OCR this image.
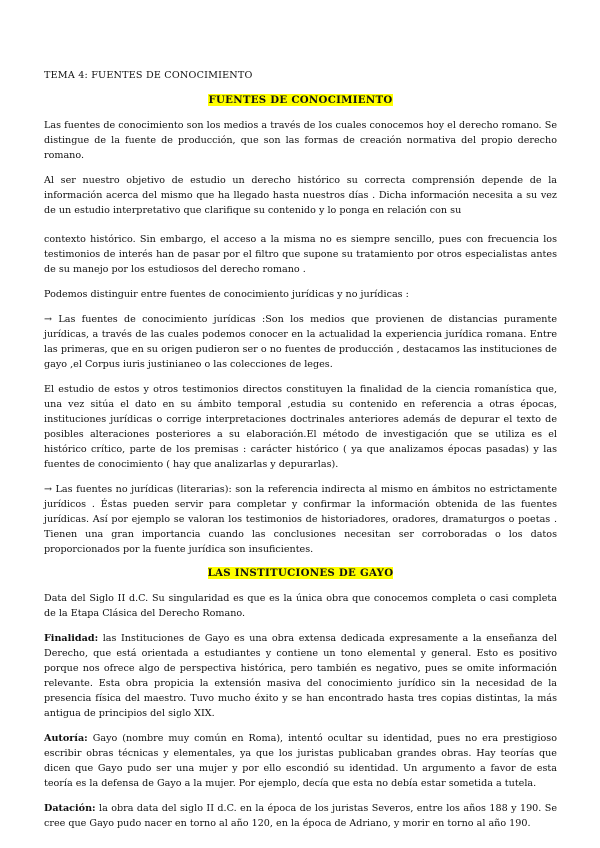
TEMA 4: FUENTES DE CONOCIMIENTO
FUENTES DE CONOCIMIENTO

Las fuentes de conocimiento son los medios a través de los cuales conocemos hoy el derecho romano. Se distingue de la fuente de producción, que son las formas de creación normativa del propio derecho romano.

Al ser nuestro objetivo de estudio un derecho histórico su correcta comprensión depende de la información acerca del mismo que ha llegado hasta nuestros días . Dicha información necesita a su vez de un estudio interpretativo que clarifique su contenido y lo ponga en relación con su

contexto histórico. Sin embargo, el acceso a la misma no es siempre sencillo, pues con frecuencia los testimonios de interés han de pasar por el filtro que supone su tratamiento por otros especialistas antes de su manejo por los estudiosos del derecho romano .

Podemos distinguir entre fuentes de conocimiento jurídicas y no jurídicas :

→ Las fuentes de conocimiento jurídicas :Son los medios que provienen de distancias puramente jurídicas, a través de las cuales podemos conocer en la actualidad la experiencia jurídica romana. Entre las primeras, que en su origen pudieron ser o no fuentes de producción , destacamos las instituciones de gayo ,el Corpus iuris justinianeo o las colecciones de leges.

El estudio de estos y otros testimonios directos constituyen la finalidad de la ciencia romanística que, una vez sitúa el dato en su ámbito temporal ,estudia su contenido en referencia a otras épocas, instituciones jurídicas o corrige interpretaciones doctrinales anteriores además de depurar el texto de posibles alteraciones posteriores a su elaboración.El método de investigación que se utiliza es el histórico crítico, parte de los premisas : carácter histórico ( ya que analizamos épocas pasadas) y las fuentes de conocimiento ( hay que analizarlas y depurarlas).

→ Las fuentes no jurídicas (literarias): son la referencia indirecta al mismo en ámbitos no estrictamente jurídicos . Éstas pueden servir para completar y confirmar la información obtenida de las fuentes jurídicas. Así por ejemplo se valoran los testimonios de historiadores, oradores, dramaturgos o poetas . Tienen una gran importancia cuando las conclusiones necesitan ser corroboradas o los datos proporcionados por la fuente jurídica son insuficientes.

LAS INSTITUCIONES DE GAYO

Data del Siglo II d.C. Su singularidad es que es la única obra que conocemos completa o casi completa de la Etapa Clásica del Derecho Romano.

Finalidad: las Instituciones de Gayo es una obra extensa dedicada expresamente a la enseñanza del Derecho, que está orientada a estudiantes y contiene un tono elemental y general. Esto es positivo porque nos ofrece algo de perspectiva histórica, pero también es negativo, pues se omite información relevante. Esta obra propicia la extensión masiva del conocimiento jurídico sin la necesidad de la presencia física del maestro. Tuvo mucho éxito y se han encontrado hasta tres copias distintas, la más antigua de principios del siglo XIX.

Autoría: Gayo (nombre muy común en Roma), intentó ocultar su identidad, pues no era prestigioso escribir obras técnicas y elementales, ya que los juristas publicaban grandes obras. Hay teorías que dicen que Gayo pudo ser una mujer y por ello escondió su identidad. Un argumento a favor de esta teoría es la defensa de Gayo a la mujer. Por ejemplo, decía que esta no debía estar sometida a tutela.

Datación: la obra data del siglo II d.C. en la época de los juristas Severos, entre los años 188 y 190. Se cree que Gayo pudo nacer en torno al año 120, en la época de Adriano, y morir en torno al año 190.
